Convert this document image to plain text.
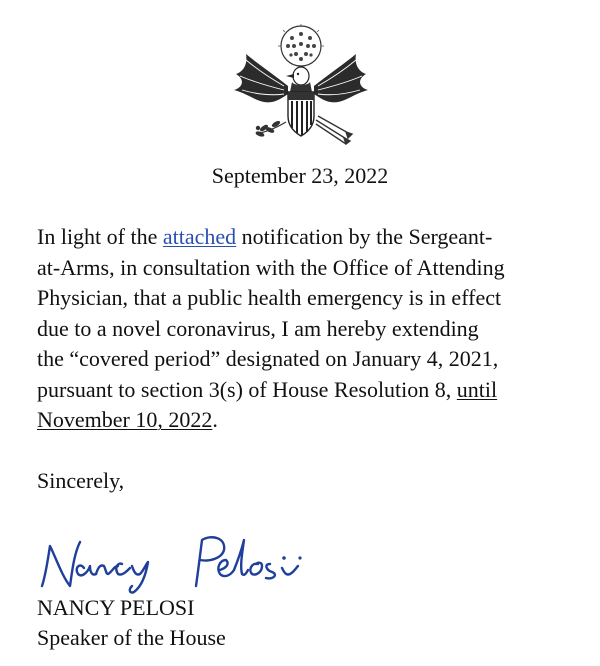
September 23, 2022
In light of the attached notification by the Sergeant-
at-Arms, in consultation with the Office of Attending
Physician, that a public health emergency is in effect
due to a novel coronavirus, I am hereby extending
the “covered period” designated on January 4, 2021,
pursuant to section 3(s) of House Resolution 8, until
November 10, 2022.
Sincerely,
NANCY PELOSI
Speaker of the House
